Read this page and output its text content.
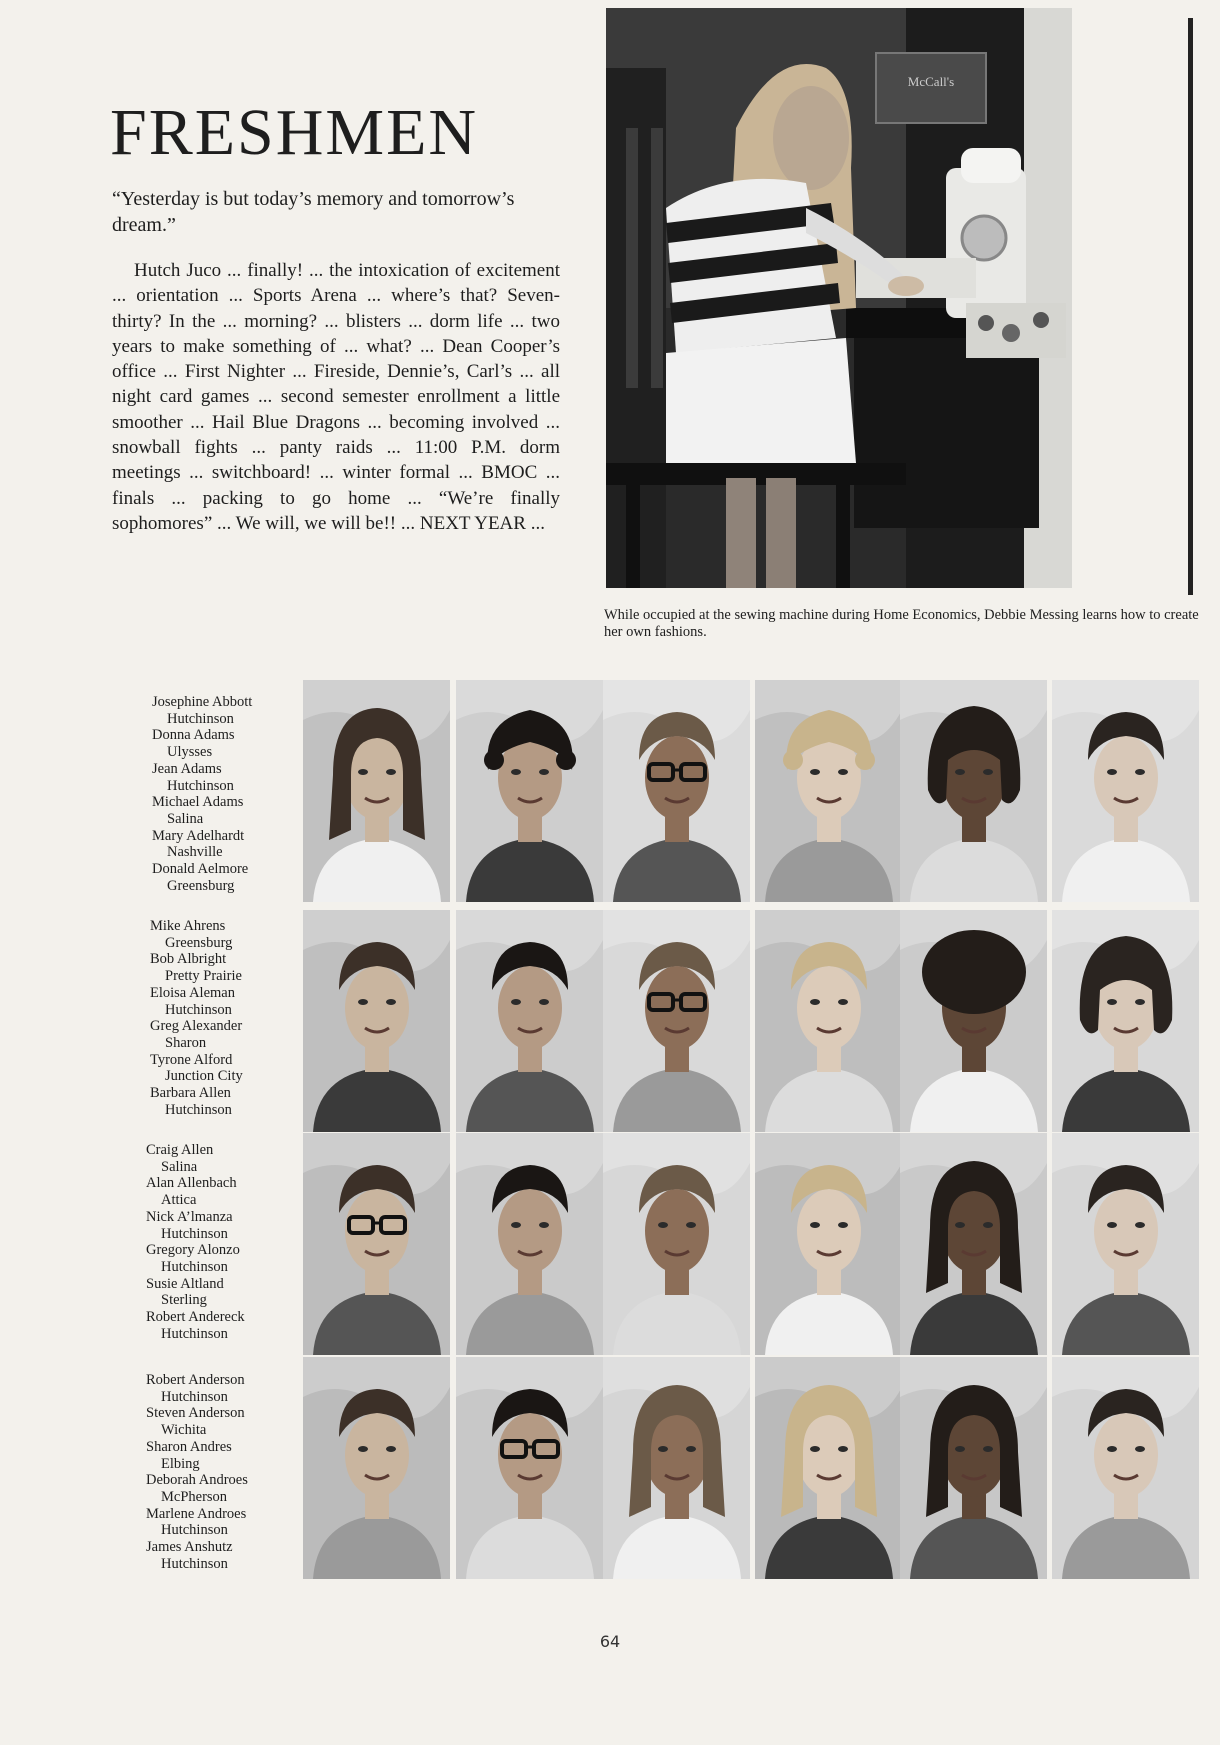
FRESHMEN

“Yesterday is but today’s memory and tomorrow’s dream.”

Hutch Juco ... finally! ... the intoxication of excitement ... orientation ... Sports Arena ... where’s that? Seven-thirty? In the ... morning? ... blisters ... dorm life ... two years to make something of ... what? ... Dean Cooper’s office ... First Nighter ... Fireside, Dennie’s, Carl’s ... all night card games ... second semester enrollment a little smoother ... Hail Blue Dragons ... becoming involved ... snowball fights ... panty raids ... 11:00 P.M. dorm meetings ... switchboard! ... winter formal ... BMOC ... finals ... packing to go home ... “We’re finally sophomores” ... We will, we will be!! ... NEXT YEAR ...

McCall's

While occupied at the sewing machine during Home Economics, Debbie Messing learns how to create her own fashions.

Josephine Abbott
Hutchinson
Donna Adams
Ulysses
Jean Adams
Hutchinson
Michael Adams
Salina
Mary Adelhardt
Nashville
Donald Aelmore
Greensburg
Mike Ahrens
Greensburg
Bob Albright
Pretty Prairie
Eloisa Aleman
Hutchinson
Greg Alexander
Sharon
Tyrone Alford
Junction City
Barbara Allen
Hutchinson
Craig Allen
Salina
Alan Allenbach
Attica
Nick A’lmanza
Hutchinson
Gregory Alonzo
Hutchinson
Susie Altland
Sterling
Robert Andereck
Hutchinson
Robert Anderson
Hutchinson
Steven Anderson
Wichita
Sharon Andres
Elbing
Deborah Androes
McPherson
Marlene Androes
Hutchinson
James Anshutz
Hutchinson
64
